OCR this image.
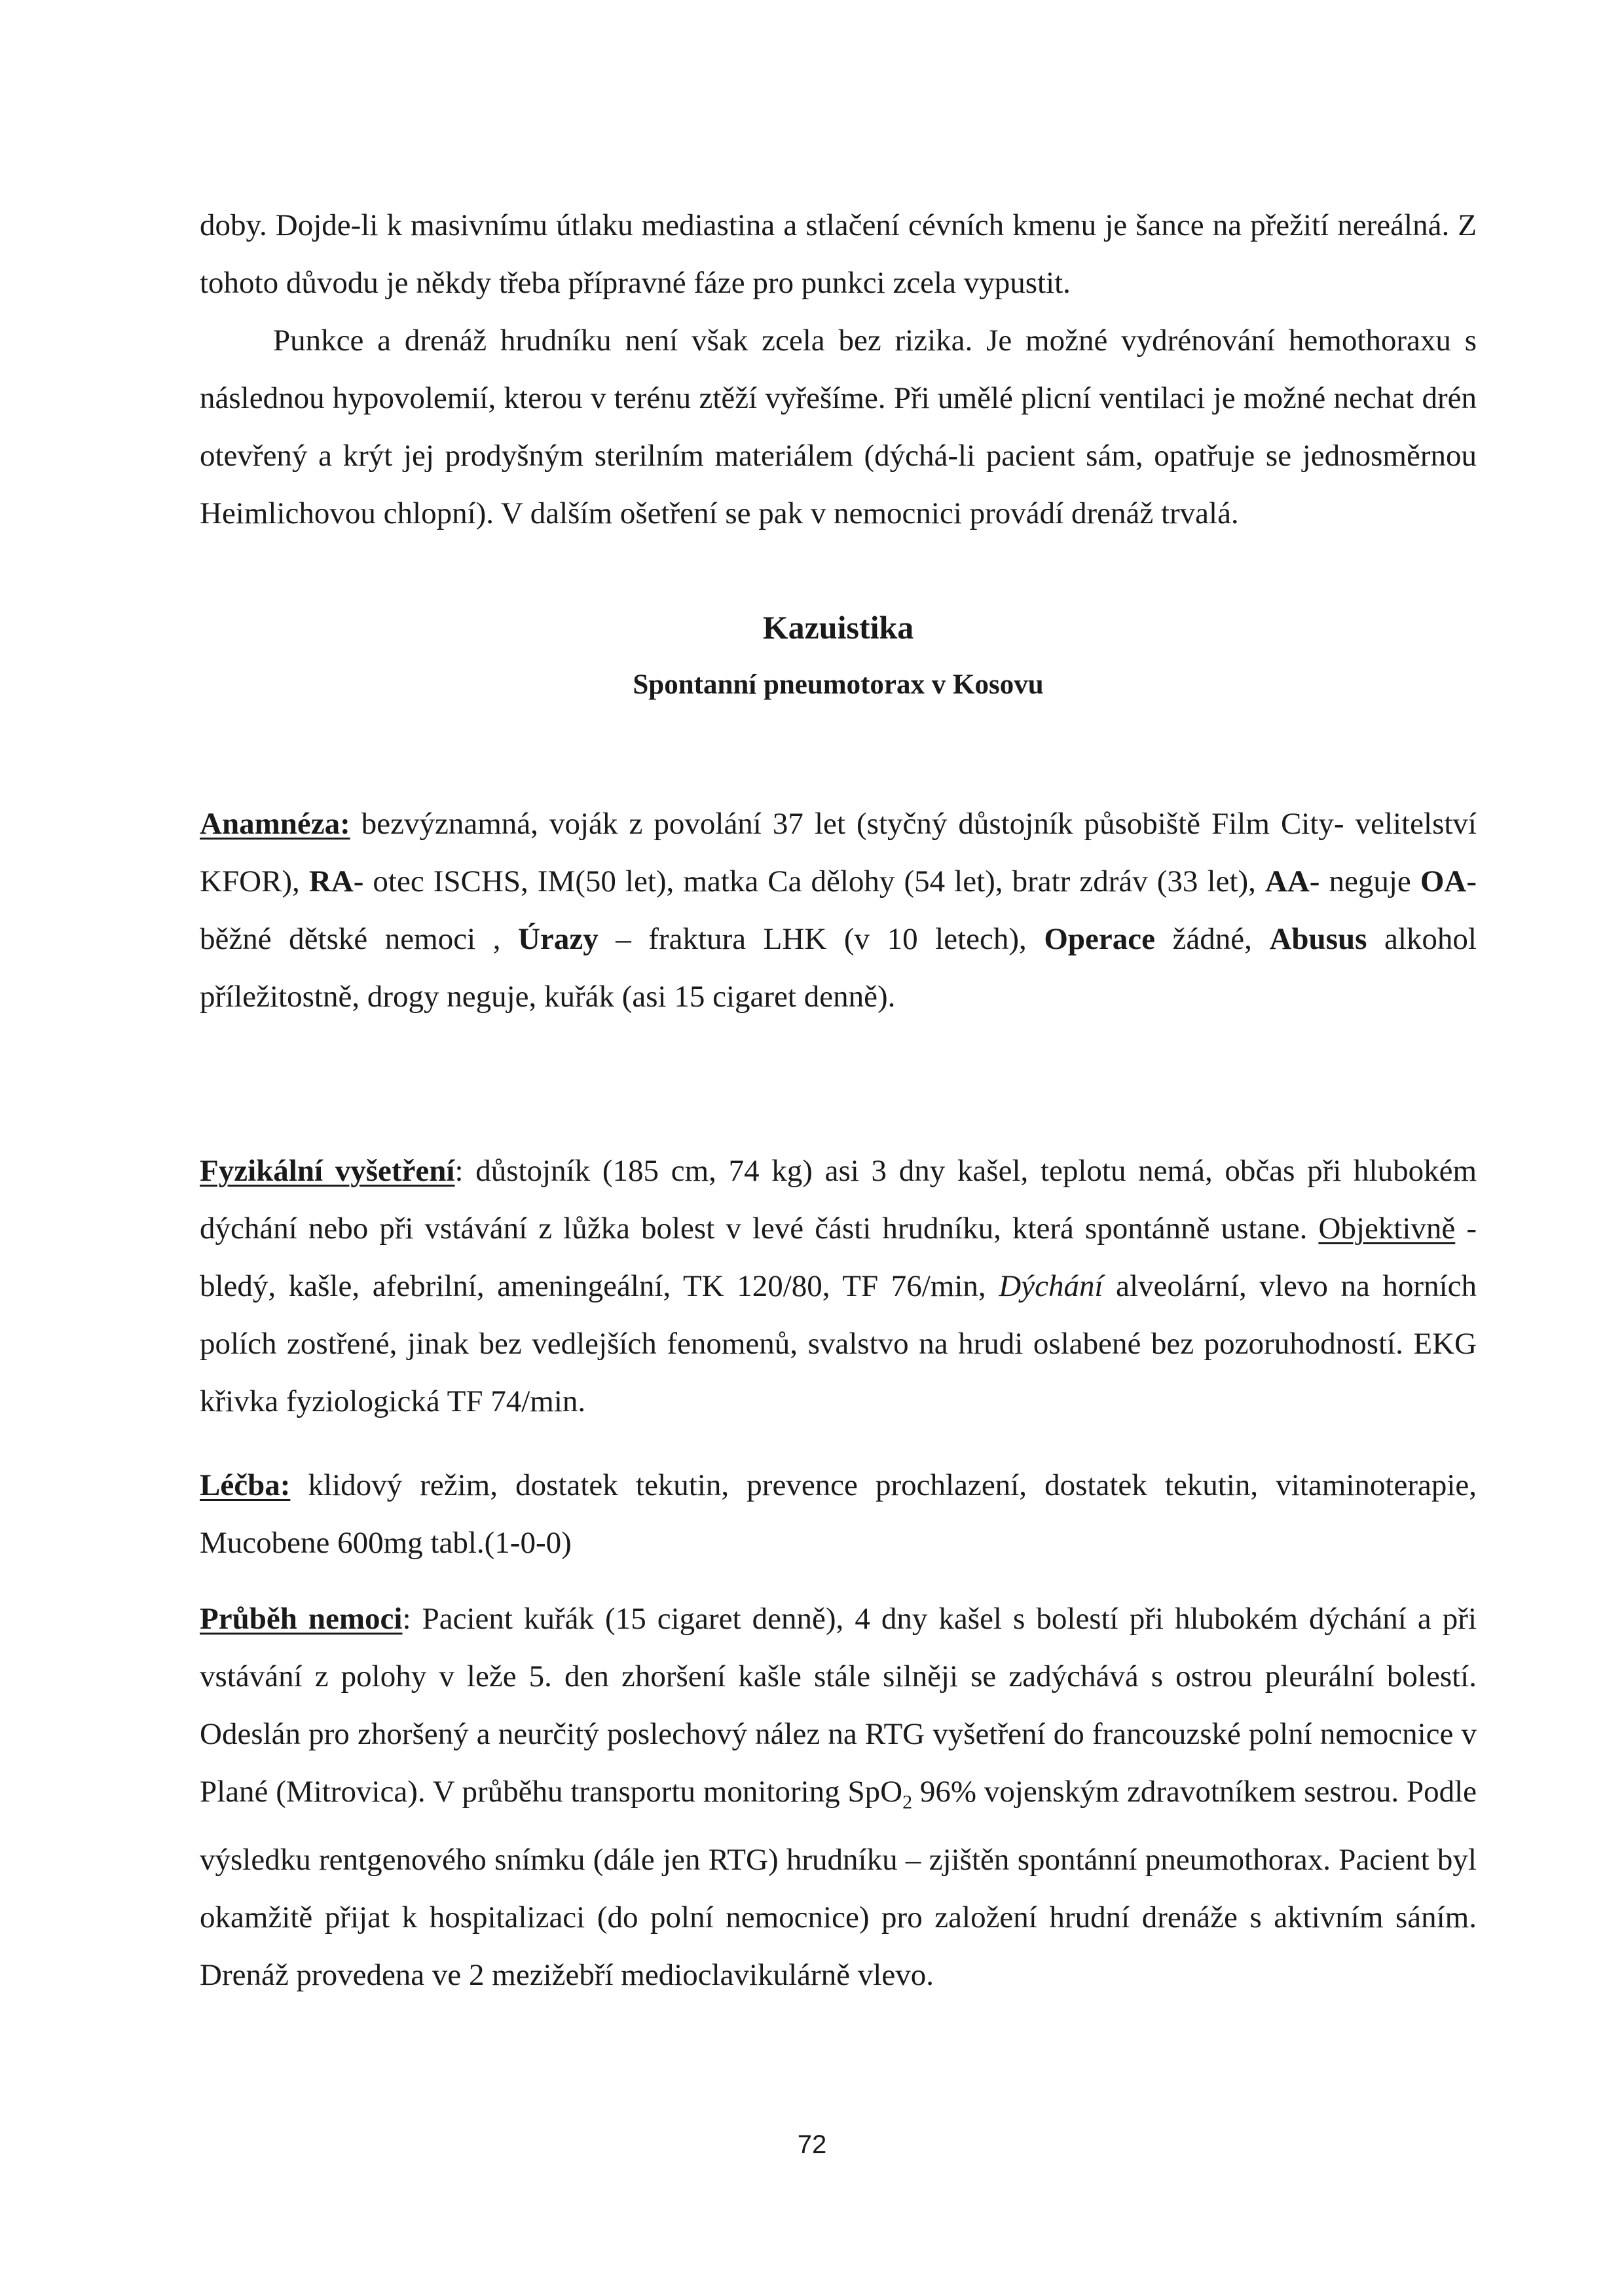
doby. Dojde-li k masivnímu útlaku mediastina a stlačení cévních kmenu je šance na přežití nereálná. Z tohoto důvodu je někdy třeba přípravné fáze pro punkci zcela vypustit.

Punkce a drenáž hrudníku není však zcela bez rizika. Je možné vydrénování hemothoraxu s následnou hypovolemií, kterou v terénu ztěží vyřešíme. Při umělé plicní ventilaci je možné nechat drén otevřený a krýt jej prodyšným sterilním materiálem (dýchá-li pacient sám, opatřuje se jednosměrnou Heimlichovou chlopní). V dalším ošetření se pak v nemocnici provádí drenáž trvalá.

Kazuistika
Spontanní pneumotorax v Kosovu

Anamnéza: bezvýznamná, voják z povolání 37 let (styčný důstojník působiště Film City- velitelství KFOR), RA- otec ISCHS, IM(50 let), matka Ca dělohy (54 let), bratr zdráv (33 let), AA- neguje OA-běžné dětské nemoci , Úrazy – fraktura LHK (v 10 letech), Operace žádné, Abusus alkohol příležitostně, drogy neguje, kuřák (asi 15 cigaret denně).

Fyzikální vyšetření: důstojník (185 cm, 74 kg) asi 3 dny kašel, teplotu nemá, občas při hlubokém dýchání nebo při vstávání z lůžka bolest v levé části hrudníku, která spontánně ustane. Objektivně - bledý, kašle, afebrilní, ameningeální, TK 120/80, TF 76/min, Dýchání alveolární, vlevo na horních polích zostřené, jinak bez vedlejších fenomenů, svalstvo na hrudi oslabené bez pozoruhodností. EKG křivka fyziologická TF 74/min.

Léčba: klidový režim, dostatek tekutin, prevence prochlazení, dostatek tekutin, vitaminoterapie, Mucobene 600mg tabl.(1-0-0)

Průběh nemoci: Pacient kuřák (15 cigaret denně), 4 dny kašel s bolestí při hlubokém dýchání a při vstávání z polohy v leže 5. den zhoršení kašle stále silněji se zadýchává s ostrou pleurální bolestí. Odeslán pro zhoršený a neurčitý poslechový nález na RTG vyšetření do francouzské polní nemocnice v Plané (Mitrovica). V průběhu transportu monitoring SpO$_2$ 96% vojenským zdravotníkem sestrou. Podle výsledku rentgenového snímku (dále jen RTG) hrudníku – zjištěn spontánní pneumothorax. Pacient byl okamžitě přijat k hospitalizaci (do polní nemocnice) pro založení hrudní drenáže s aktivním sáním. Drenáž provedena ve 2 mezižebří medioclavikulárně vlevo.

72
